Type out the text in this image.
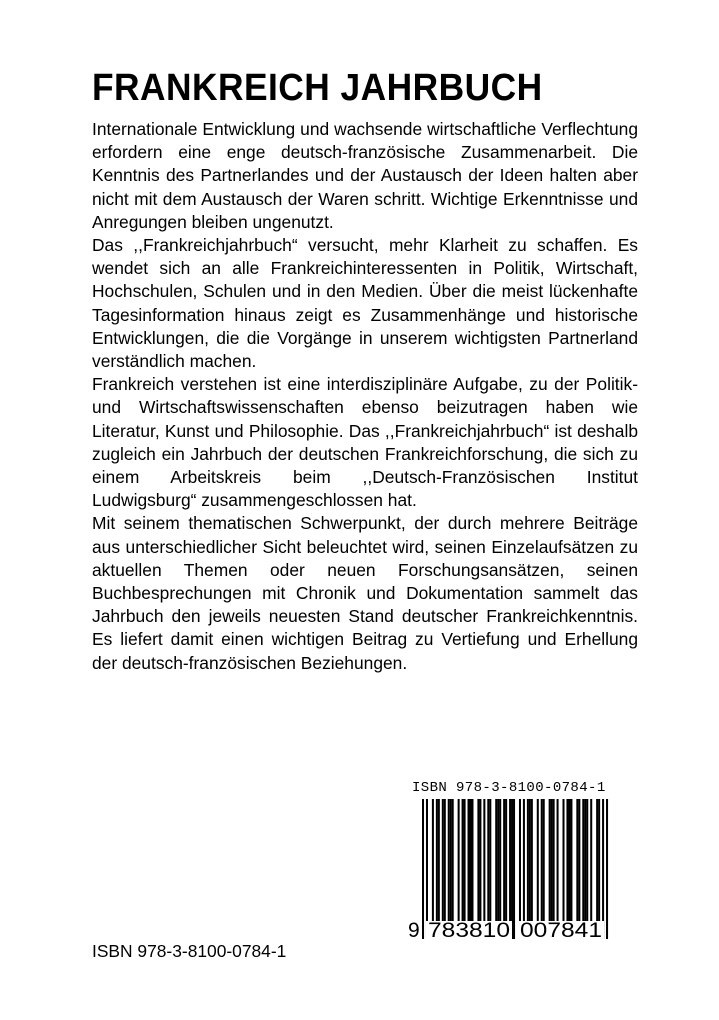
FRANKREICH JAHRBUCH

Internationale Entwicklung und wachsende wirtschaftliche Verflechtung erfordern eine enge deutsch-französische Zusammenarbeit. Die Kenntnis des Partnerlandes und der Austausch der Ideen halten aber nicht mit dem Austausch der Waren schritt. Wichtige Erkenntnisse und Anregungen bleiben ungenutzt.

Das ,,Frankreichjahrbuch“ versucht, mehr Klarheit zu schaffen. Es wendet sich an alle Frankreichinteressenten in Politik, Wirtschaft, Hochschulen, Schulen und in den Medien. Über die meist lückenhafte Tagesinformation hinaus zeigt es Zusammenhänge und historische Entwicklungen, die die Vorgänge in unserem wichtigsten Partnerland verständlich machen.

Frankreich verstehen ist eine interdisziplinäre Aufgabe, zu der Politik- und Wirtschaftswissenschaften ebenso beizutragen haben wie Literatur, Kunst und Philosophie. Das ,,Frankreichjahrbuch“ ist deshalb zugleich ein Jahrbuch der deutschen Frankreichforschung, die sich zu einem Arbeitskreis beim ,,Deutsch-Französischen Institut Ludwigsburg“ zusammengeschlossen hat.

Mit seinem thematischen Schwerpunkt, der durch mehrere Beiträge aus unterschiedlicher Sicht beleuchtet wird, seinen Einzelaufsätzen zu aktuellen Themen oder neuen Forschungsansätzen, seinen Buchbesprechungen mit Chronik und Dokumentation sammelt das Jahrbuch den jeweils neuesten Stand deutscher Frankreichkenntnis. Es liefert damit einen wichtigen Beitrag zu Vertiefung und Erhellung der deutsch-französischen Beziehungen.

ISBN 978-3-8100-0784-1
9 783810 007841
ISBN 978-3-8100-0784-1
